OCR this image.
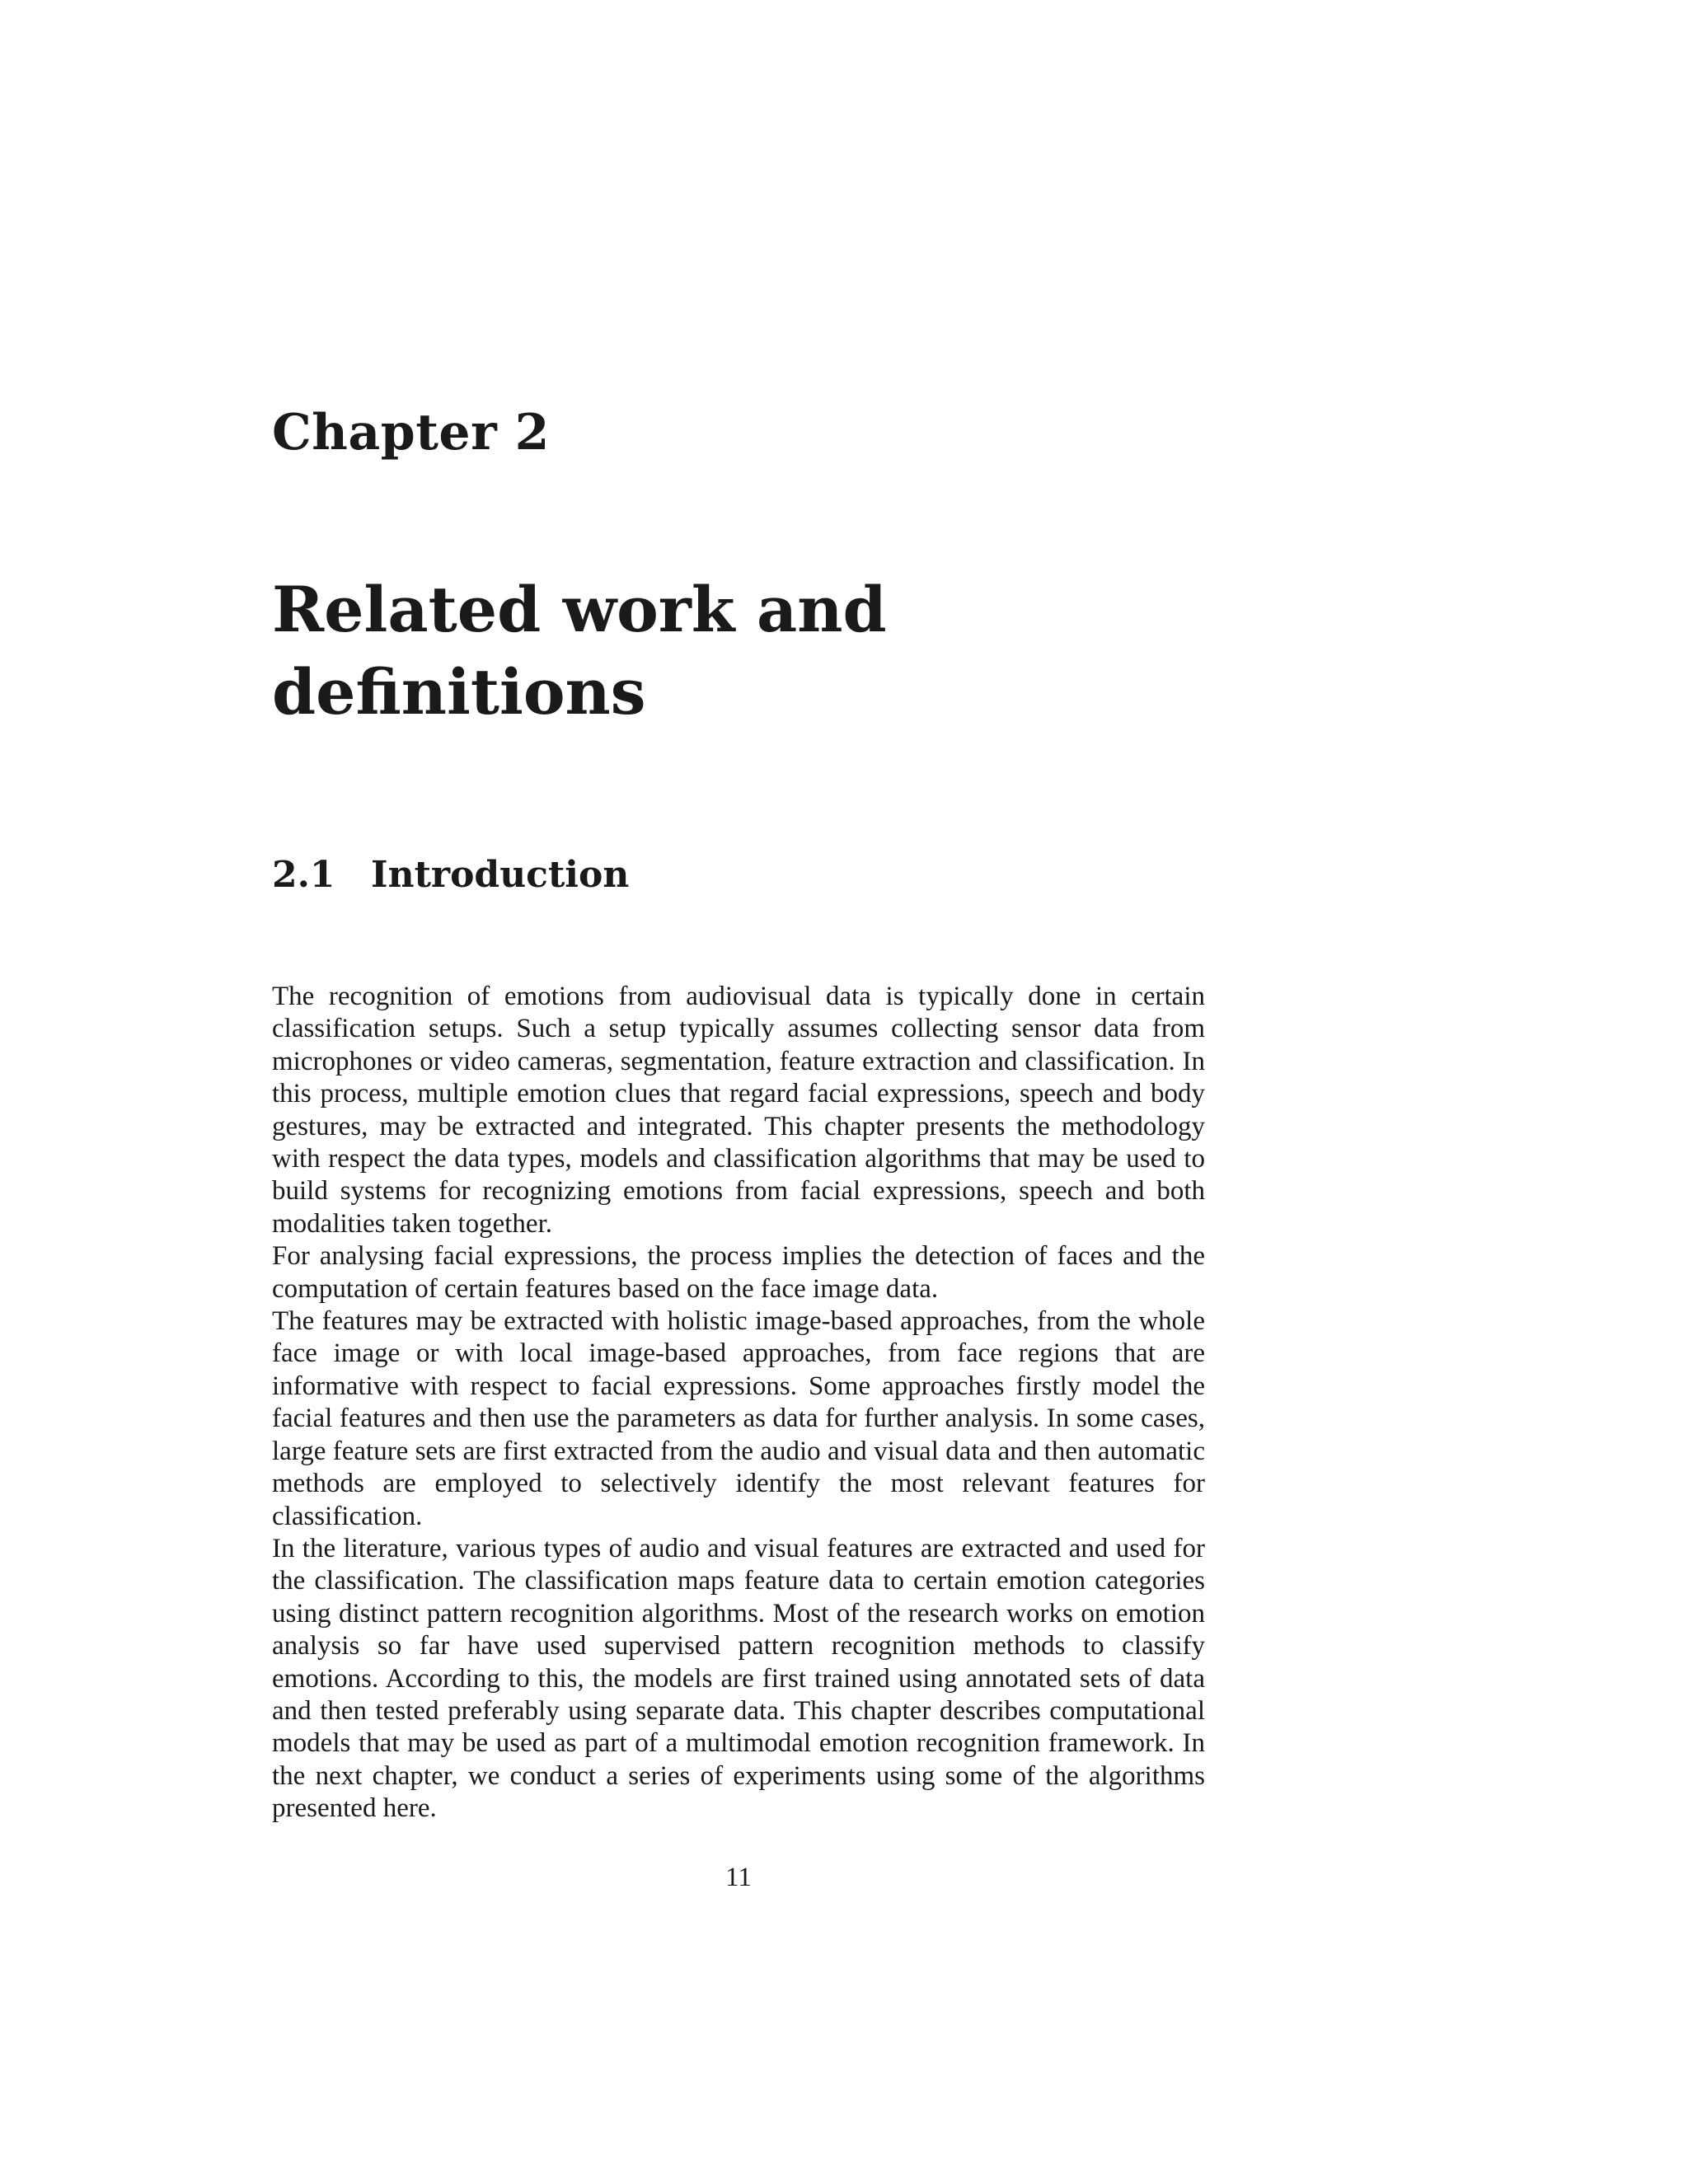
Chapter 2
Related work and
definitions
2.1 Introduction

The recognition of emotions from audiovisual data is typically done in certain classification setups. Such a setup typically assumes collecting sensor data from microphones or video cameras, segmentation, feature extraction and classification. In this process, multiple emotion clues that regard facial expressions, speech and body gestures, may be extracted and integrated. This chapter presents the methodology with respect the data types, models and classification algorithms that may be used to build systems for recognizing emotions from facial expressions, speech and both modalities taken together.

For analysing facial expressions, the process implies the detection of faces and the computation of certain features based on the face image data.

The features may be extracted with holistic image-based approaches, from the whole face image or with local image-based approaches, from face regions that are informative with respect to facial expressions. Some approaches firstly model the facial features and then use the parameters as data for further analysis. In some cases, large feature sets are first extracted from the audio and visual data and then automatic methods are employed to selectively identify the most relevant features for classification.

In the literature, various types of audio and visual features are extracted and used for the classification. The classification maps feature data to certain emotion categories using distinct pattern recognition algorithms. Most of the research works on emotion analysis so far have used supervised pattern recognition methods to classify emotions. According to this, the models are first trained using annotated sets of data and then tested preferably using separate data. This chapter describes computational models that may be used as part of a multimodal emotion recognition framework. In the next chapter, we conduct a series of experiments using some of the algorithms presented here.

11
